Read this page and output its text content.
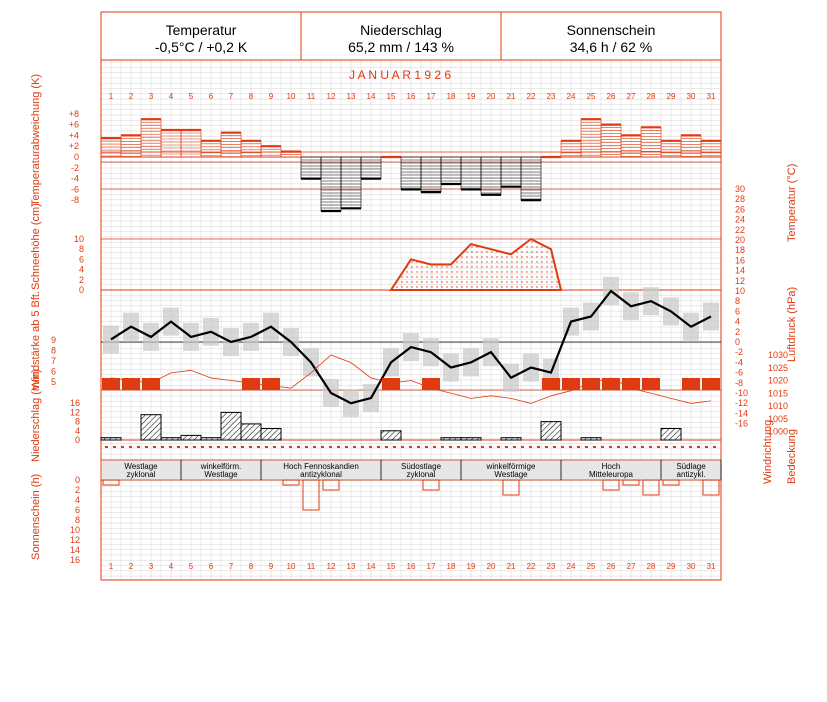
Temperatur
-0,5°C / +0,2 K
Niederschlag
65,2 mm / 143 %
Sonnenschein
34,6 h / 62 %
Temperaturabweichung (K)
Schneehöhe (cm)
Windstärke ab 5 Bft.
Niederschlag (mm)
Sonnenschein (h)
Temperatur (°C)
Luftdruck (hPa)
Windrichtung Bedeckung
J A N U A R 1 9 2 6
1
1
2
2
3
3
4
4
5
5
6
6
7
7
8
8
9
9
10
10
11
11
12
12
13
13
14
14
15
15
16
16
17
17
18
18
19
19
20
20
21
21
22
22
23
23
24
24
25
25
26
26
27
27
28
28
29
29
30
30
31
31
+8
+6
+4
+2
0
-2
-4
-6
-8
10
8
6
4
2
0
30
28
26
24
22
20
18
16
14
12
10
8
6
4
2
0
-2
-4
-6
-8
-10
-12
-14
-16
1030
1025
1020
1015
1010
1005
1000
9
8
7
6
5
16
12
8
4
0
Westlage
zyklonal
winkelförm.
Westlage
Hoch Fennoskandien
antizyklonal
Südostlage
zyklonal
winkelförmige
Westlage
Hoch
Mitteleuropa
Südlage
antizykl.
0
2
4
6
8
10
12
14
16
